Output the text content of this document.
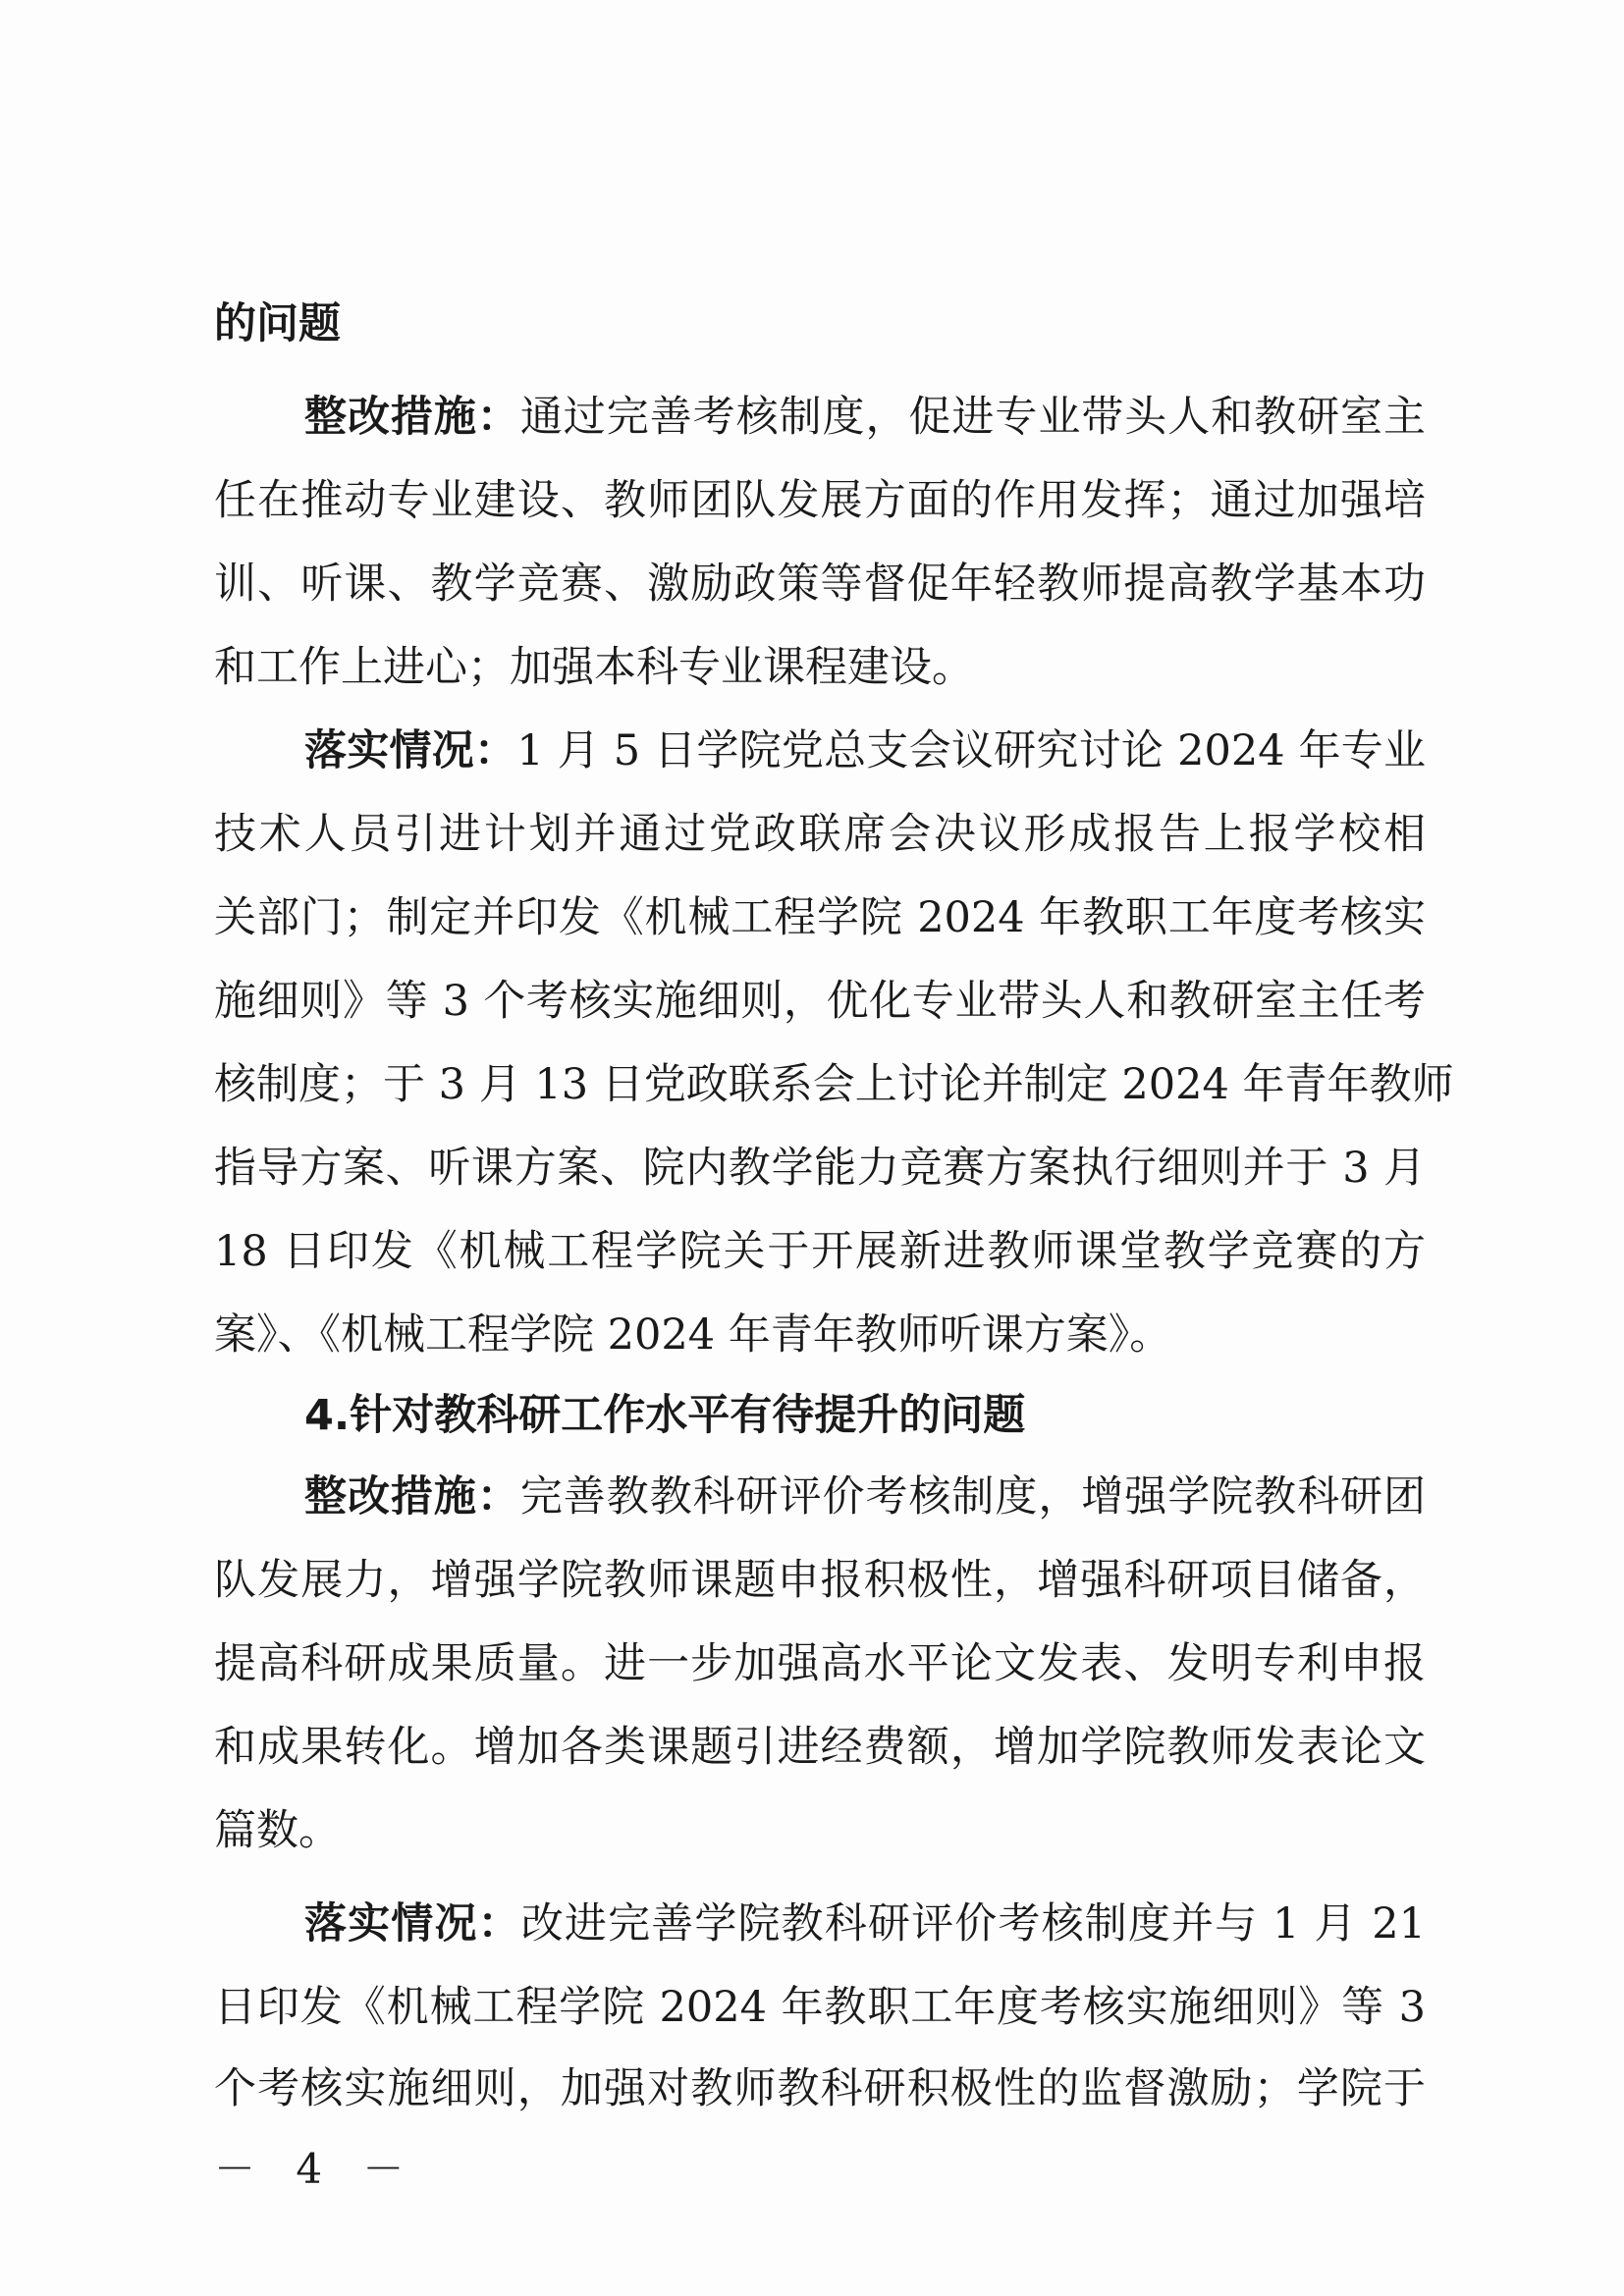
的问题
整改措施：通过完善考核制度，促进专业带头人和教研室主
任在推动专业建设、教师团队发展方面的作用发挥；通过加强培
训、听课、教学竞赛、激励政策等督促年轻教师提高教学基本功
和工作上进心；加强本科专业课程建设。
落实情况：1 月 5 日学院党总支会议研究讨论 2024 年专业
技术人员引进计划并通过党政联席会决议形成报告上报学校相
关部门；制定并印发《机械工程学院 2024 年教职工年度考核实
施细则》等 3 个考核实施细则，优化专业带头人和教研室主任考
核制度；于 3 月 13 日党政联系会上讨论并制定 2024 年青年教师
指导方案、听课方案、院内教学能力竞赛方案执行细则并于 3 月
18 日印发《机械工程学院关于开展新进教师课堂教学竞赛的方
案》、《机械工程学院 2024 年青年教师听课方案》。
4.针对教科研工作水平有待提升的问题
整改措施：完善教教科研评价考核制度，增强学院教科研团
队发展力，增强学院教师课题申报积极性，增强科研项目储备，
提高科研成果质量。进一步加强高水平论文发表、发明专利申报
和成果转化。增加各类课题引进经费额，增加学院教师发表论文
篇数。
落实情况：改进完善学院教科研评价考核制度并与 1 月 21
日印发《机械工程学院 2024 年教职工年度考核实施细则》等 3
个考核实施细则，加强对教师教科研积极性的监督激励；学院于
－ 4 －
